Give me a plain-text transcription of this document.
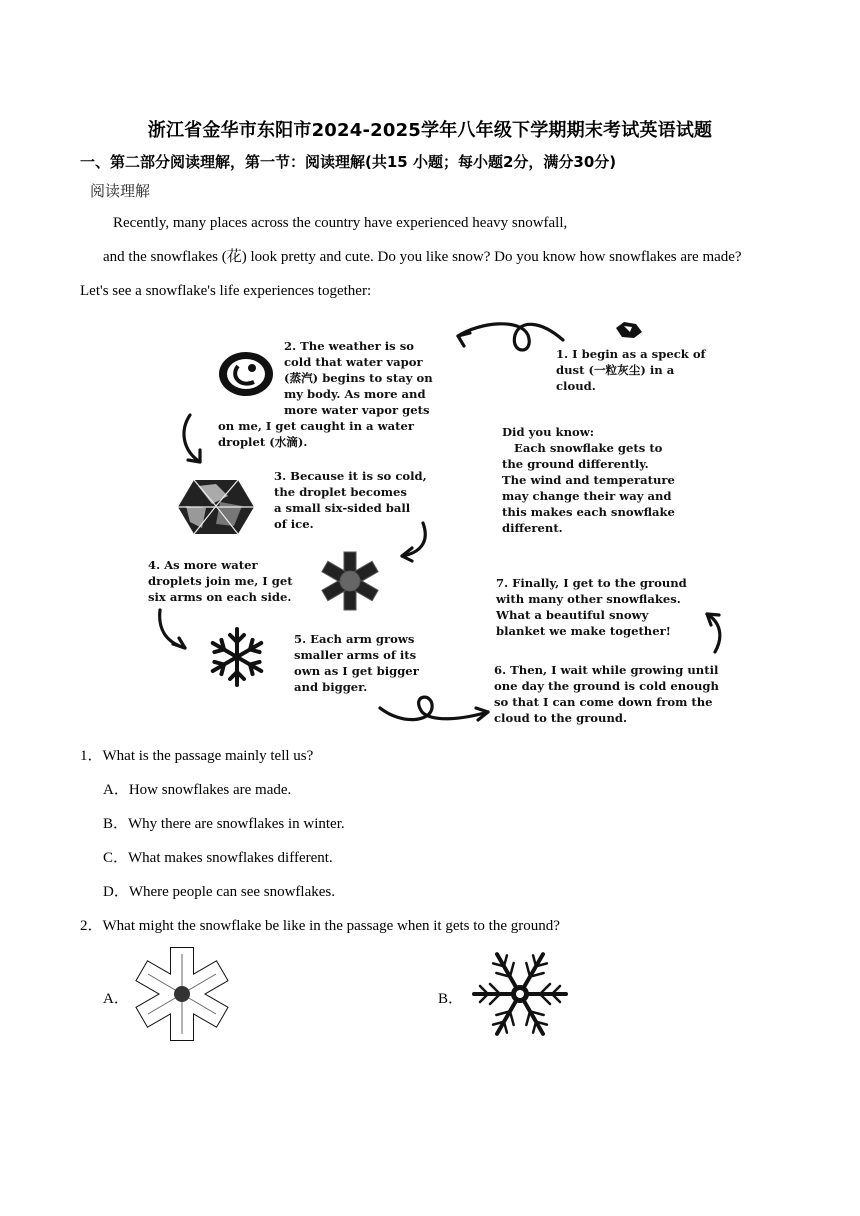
浙江省金华市东阳市2024-2025学年八年级下学期期末考试英语试题
一、第二部分阅读理解，第一节：阅读理解(共15 小题；每小题2分，满分30分)
阅读理解
Recently, many places across the country have experienced heavy snowfall,
and the snowflakes (花) look pretty and cute. Do you like snow? Do you know how snowflakes are made?
Let's see a snowflake's life experiences together:
1. I begin as a speck of
dust (一粒灰尘) in a
cloud.
2. The weather is so
cold that water vapor
(蒸汽) begins to stay on
my body. As more and
more water vapor gets
on me, I get caught in a water
droplet (水滴).
3. Because it is so cold,
the droplet becomes
a small six-sided ball
of ice.
4. As more water
droplets join me, I get
six arms on each side.
5. Each arm grows
smaller arms of its
own as I get bigger
and bigger.
6. Then, I wait while growing until
one day the ground is cold enough
so that I can come down from the
cloud to the ground.
7. Finally, I get to the ground
with many other snowflakes.
What a beautiful snowy
blanket we make together!
Did you know:
Each snowflake gets to
the ground differently.
The wind and temperature
may change their way and
this makes each snowflake
different.
1．What is the passage mainly tell us?
A．How snowflakes are made.
B．Why there are snowflakes in winter.
C．What makes snowflakes different.
D．Where people can see snowflakes.
2．What might the snowflake be like in the passage when it gets to the ground?
A．	B．
